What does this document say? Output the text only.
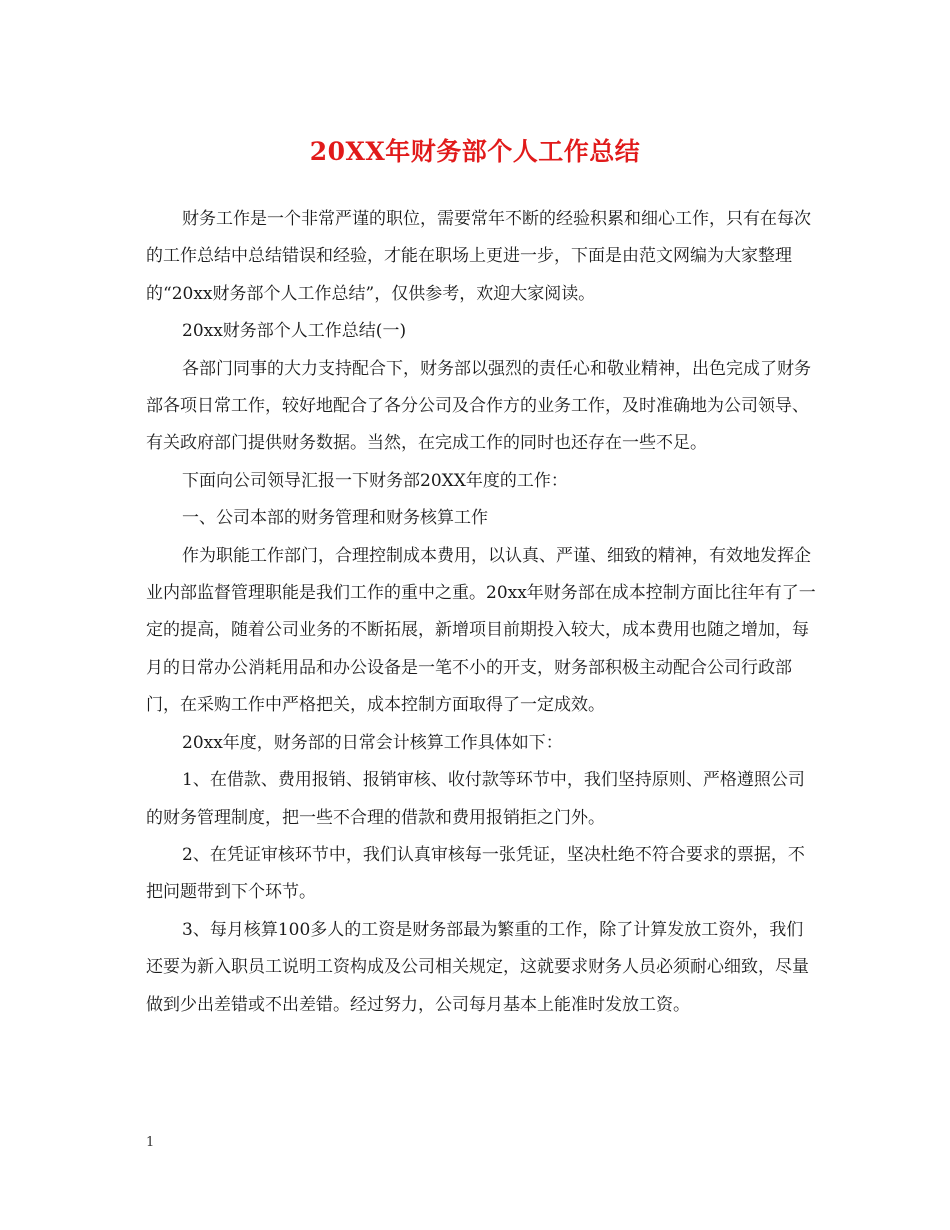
20XX年财务部个人工作总结

财务工作是一个非常严谨的职位，需要常年不断的经验积累和细心工作，只有在每次的工作总结中总结错误和经验，才能在职场上更进一步，下面是由范文网编为大家整理的“20xx财务部个人工作总结”，仅供参考，欢迎大家阅读。

20xx财务部个人工作总结(一)

各部门同事的大力支持配合下，财务部以强烈的责任心和敬业精神，出色完成了财务部各项日常工作，较好地配合了各分公司及合作方的业务工作，及时准确地为公司领导、有关政府部门提供财务数据。当然，在完成工作的同时也还存在一些不足。

下面向公司领导汇报一下财务部20XX年度的工作：

一、公司本部的财务管理和财务核算工作

作为职能工作部门，合理控制成本费用，以认真、严谨、细致的精神，有效地发挥企业内部监督管理职能是我们工作的重中之重。20xx年财务部在成本控制方面比往年有了一定的提高，随着公司业务的不断拓展，新增项目前期投入较大，成本费用也随之增加，每月的日常办公消耗用品和办公设备是一笔不小的开支，财务部积极主动配合公司行政部门，在采购工作中严格把关，成本控制方面取得了一定成效。

20xx年度，财务部的日常会计核算工作具体如下：

1、在借款、费用报销、报销审核、收付款等环节中，我们坚持原则、严格遵照公司的财务管理制度，把一些不合理的借款和费用报销拒之门外。

2、在凭证审核环节中，我们认真审核每一张凭证，坚决杜绝不符合要求的票据，不把问题带到下个环节。

3、每月核算100多人的工资是财务部最为繁重的工作，除了计算发放工资外，我们还要为新入职员工说明工资构成及公司相关规定，这就要求财务人员必须耐心细致，尽量做到少出差错或不出差错。经过努力，公司每月基本上能准时发放工资。

1
